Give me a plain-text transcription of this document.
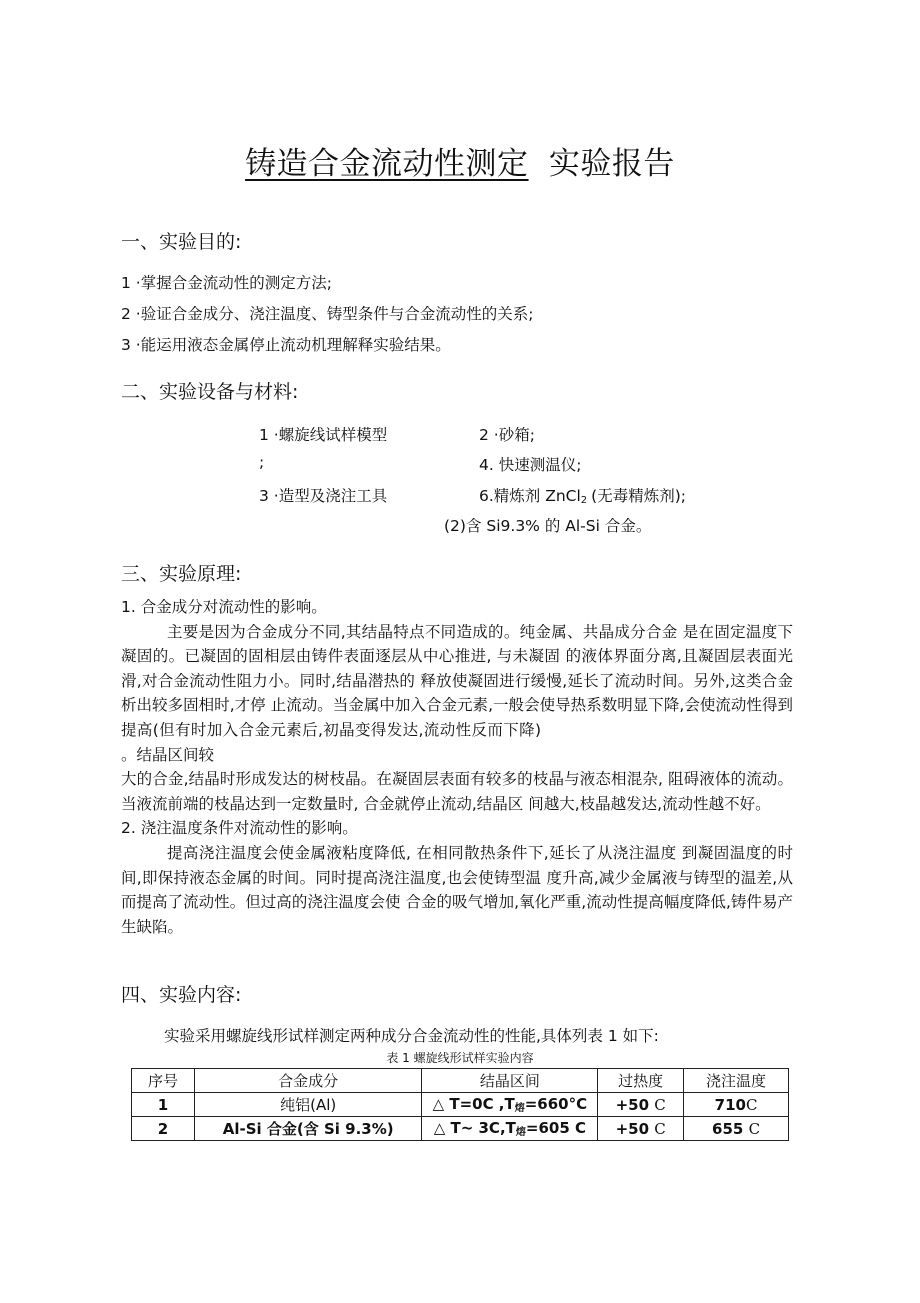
铸造合金流动性测定 实验报告
一、实验目的:
1 ·掌握合金流动性的测定方法;
2 ·验证合金成分、浇注温度、铸型条件与合金流动性的关系;
3 ·能运用液态金属停止流动机理解释实验结果。
二、实验设备与材料:
1 ·螺旋线试样模型	2 ·砂箱;
;	4. 快速测温仪;
3 ·造型及浇注工具	6.精炼剂 ZnCl$_2$ (无毒精炼剂);
(2)含 Si9.3% 的 Al-Si 合金。
三、实验原理:

1. 合金成分对流动性的影响。

主要是因为合金成分不同,其结晶特点不同造成的。纯金属、共晶成分合金 是在固定温度下凝固的。已凝固的固相层由铸件表面逐层从中心推进, 与未凝固 的液体界面分离,且凝固层表面光滑,对合金流动性阻力小。同时,结晶潜热的 释放使凝固进行缓慢,延长了流动时间。另外,这类合金析出较多固相时,才停 止流动。当金属中加入合金元素,一般会使导热系数明显下降,会使流动性得到 提高(但有时加入合金元素后,初晶变得发达,流动性反而下降)。结晶区间较

大的合金,结晶时形成发达的树枝晶。在凝固层表面有较多的枝晶与液态相混杂, 阻碍液体的流动。当液流前端的枝晶达到一定数量时, 合金就停止流动,结晶区 间越大,枝晶越发达,流动性越不好。

2. 浇注温度条件对流动性的影响。

提高浇注温度会使金属液粘度降低, 在相同散热条件下,延长了从浇注温度 到凝固温度的时间,即保持液态金属的时间。同时提高浇注温度,也会使铸型温 度升高,减少金属液与铸型的温差,从而提高了流动性。但过高的浇注温度会使 合金的吸气增加,氧化严重,流动性提高幅度降低,铸件易产生缺陷。

四、实验内容:
实验采用螺旋线形试样测定两种成分合金流动性的性能,具体列表 1 如下:
表 1 螺旋线形试样实验内容
序号	合金成分	结晶区间	过热度	浇注温度
1	纯铝(Al)	△ T=0C $,T_熔=660^\circ C$	+50 C	710C
2	Al-Si 合金(含 Si 9.3%)	△ T~ $3C,T_熔=605$ C	+50 C	655 C
